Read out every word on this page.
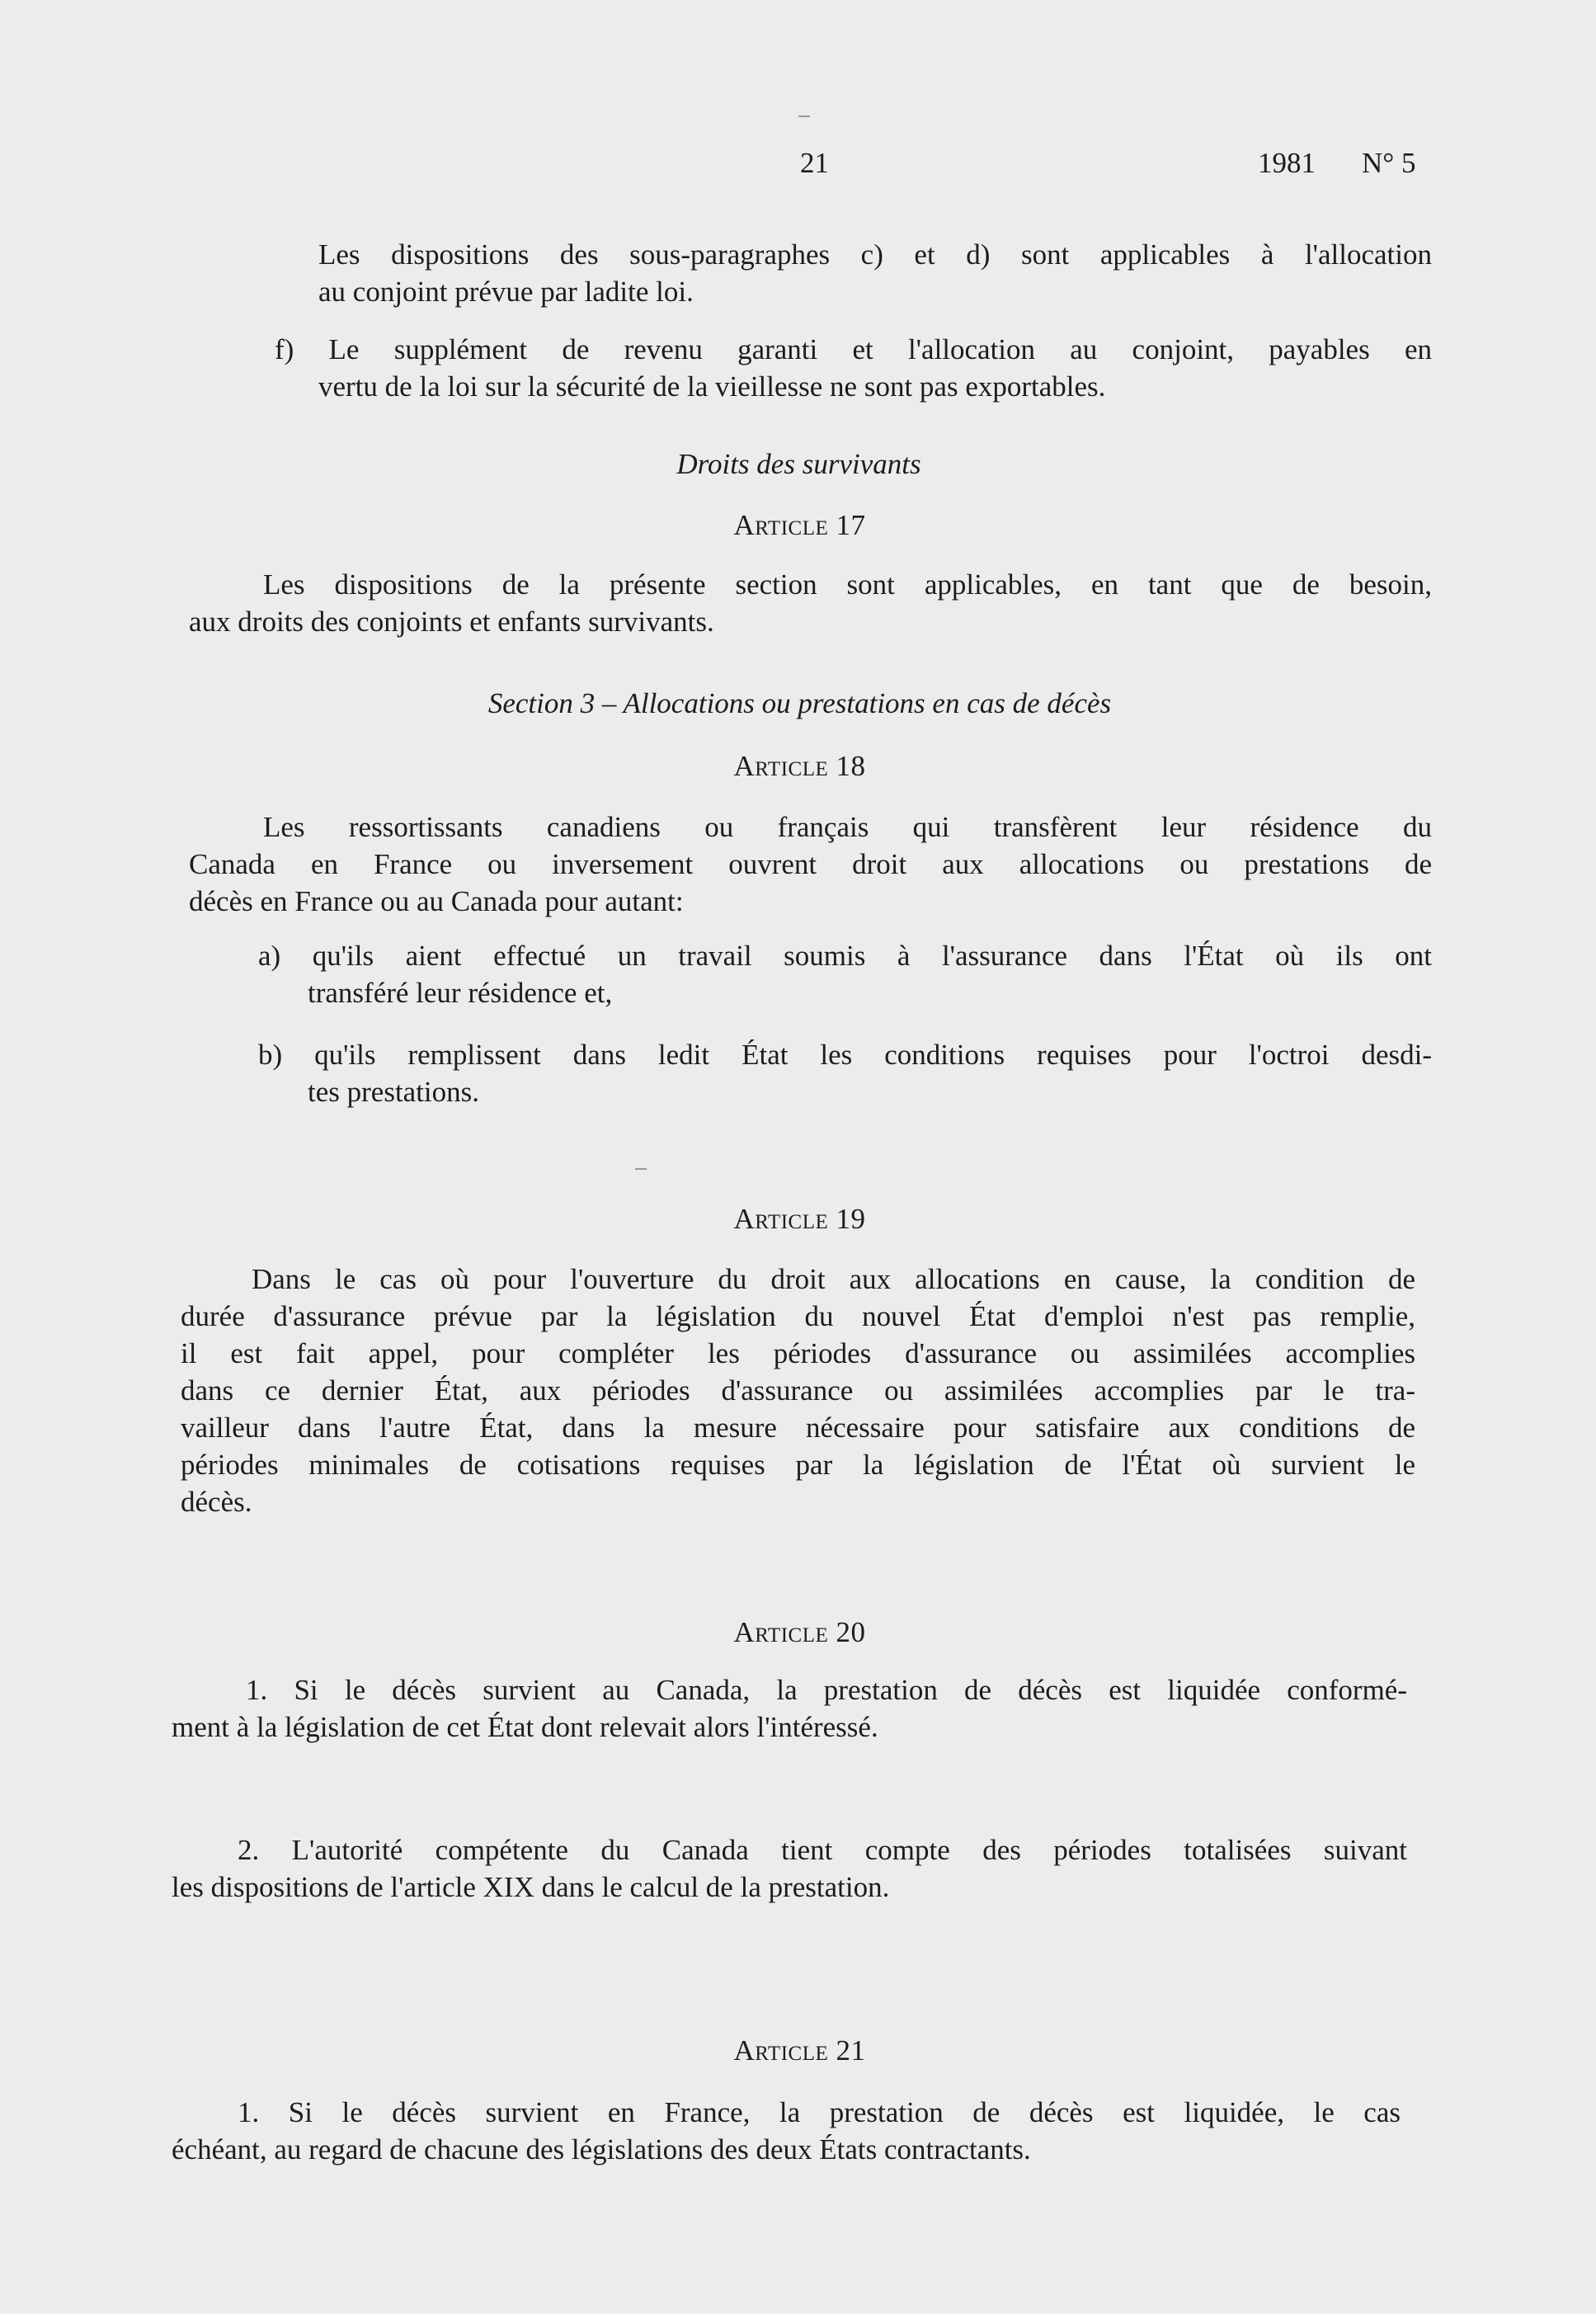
21	1981 N° 5
Les dispositions des sous-paragraphes c) et d) sont applicables à l'allocation
au conjoint prévue par ladite loi.
f) Le supplément de revenu garanti et l'allocation au conjoint, payables en
vertu de la loi sur la sécurité de la vieillesse ne sont pas exportables.
Droits des survivants
Article 17
Les dispositions de la présente section sont applicables, en tant que de besoin,
aux droits des conjoints et enfants survivants.
Section 3 – Allocations ou prestations en cas de décès
Article 18
Les ressortissants canadiens ou français qui transfèrent leur résidence du
Canada en France ou inversement ouvrent droit aux allocations ou prestations de
décès en France ou au Canada pour autant:
a) qu'ils aient effectué un travail soumis à l'assurance dans l'État où ils ont
transféré leur résidence et,
b) qu'ils remplissent dans ledit État les conditions requises pour l'octroi desdi-
tes prestations.
Article 19
Dans le cas où pour l'ouverture du droit aux allocations en cause, la condition de
durée d'assurance prévue par la législation du nouvel État d'emploi n'est pas remplie,
il est fait appel, pour compléter les périodes d'assurance ou assimilées accomplies
dans ce dernier État, aux périodes d'assurance ou assimilées accomplies par le tra-
vailleur dans l'autre État, dans la mesure nécessaire pour satisfaire aux conditions de
périodes minimales de cotisations requises par la législation de l'État où survient le
décès.
Article 20
1. Si le décès survient au Canada, la prestation de décès est liquidée conformé-
ment à la législation de cet État dont relevait alors l'intéressé.
2. L'autorité compétente du Canada tient compte des périodes totalisées suivant
les dispositions de l'article XIX dans le calcul de la prestation.
Article 21
1. Si le décès survient en France, la prestation de décès est liquidée, le cas
échéant, au regard de chacune des législations des deux États contractants.
